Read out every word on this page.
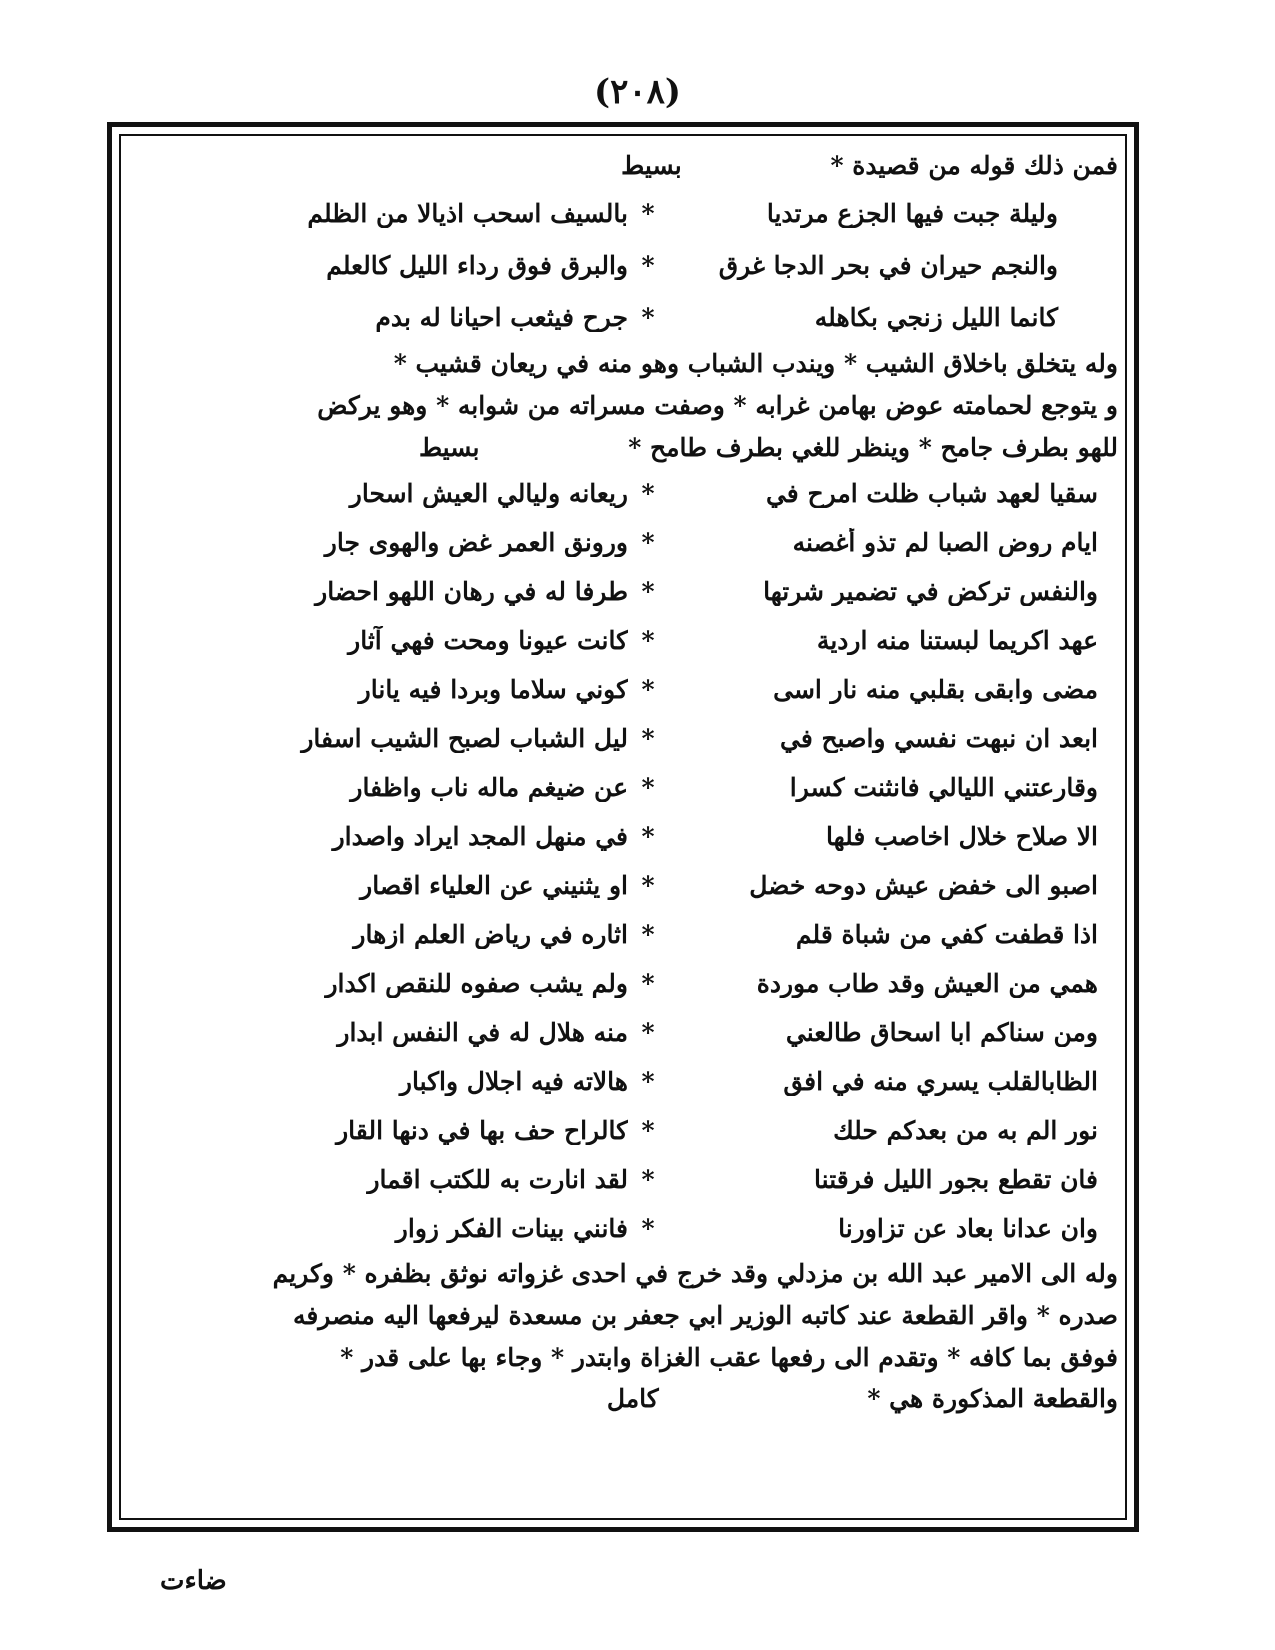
(٢٠٨)
فمن ذلك قوله من قصيدة * بسيط
وليلة جبت فيها الجزع مرتديا
*
بالسيف اسحب اذيالا من الظلم
والنجم حيران في بحر الدجا غرق
*
والبرق فوق رداء الليل كالعلم
كانما الليل زنجي بكاهله
*
جرح فيثعب احيانا له بدم
وله يتخلق باخلاق الشيب * ويندب الشباب وهو منه في ريعان قشيب *
و يتوجع لحمامته عوض بهامن غرابه * وصفت مسراته من شوابه * وهو يركض
للهو بطرف جامح * وينظر للغي بطرف طامح * بسيط
سقيا لعهد شباب ظلت امرح في
*
ريعانه وليالي العيش اسحار
ايام روض الصبا لم تذو أغصنه
*
ورونق العمر غض والهوى جار
والنفس تركض في تضمير شرتها
*
طرفا له في رهان اللهو احضار
عهد اكريما لبستنا منه اردية
*
كانت عيونا ومحت فهي آثار
مضى وابقى بقلبي منه نار اسى
*
كوني سلاما وبردا فيه يانار
ابعد ان نبهت نفسي واصبح في
*
ليل الشباب لصبح الشيب اسفار
وقارعتني الليالي فانثنت كسرا
*
عن ضيغم ماله ناب واظفار
الا صلاح خلال اخاصب فلها
*
في منهل المجد ايراد واصدار
اصبو الى خفض عيش دوحه خضل
*
او يثنيني عن العلياء اقصار
اذا قطفت كفي من شباة قلم
*
اثاره في رياض العلم ازهار
همي من العيش وقد طاب موردة
*
ولم يشب صفوه للنقص اكدار
ومن سناكم ابا اسحاق طالعني
*
منه هلال له في النفس ابدار
الظابالقلب يسري منه في افق
*
هالاته فيه اجلال واكبار
نور الم به من بعدكم حلك
*
كالراح حف بها في دنها القار
فان تقطع بجور الليل فرقتنا
*
لقد انارت به للكتب اقمار
وان عدانا بعاد عن تزاورنا
*
فانني بينات الفكر زوار
وله الى الامير عبد الله بن مزدلي وقد خرج في احدى غزواته نوثق بظفره * وكريم
صدره * واقر القطعة عند كاتبه الوزير ابي جعفر بن مسعدة ليرفعها اليه منصرفه
فوفق بما كافه * وتقدم الى رفعها عقب الغزاة وابتدر * وجاء بها على قدر *
والقطعة المذكورة هي * كامل
ضاءت
